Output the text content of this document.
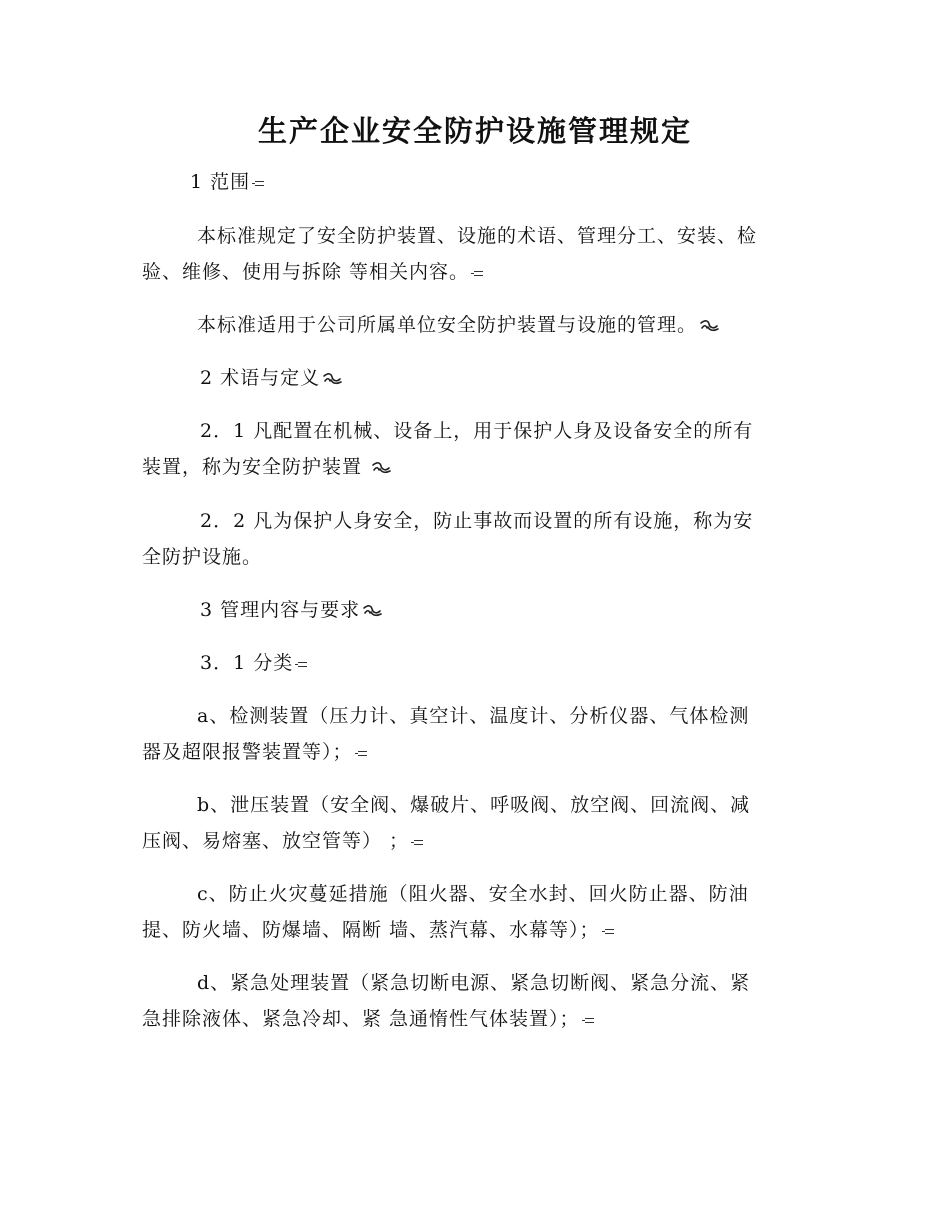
生产企业安全防护设施管理规定
1 范围
本标准规定了安全防护装置、设施的术语、管理分工、安装、检
验、维修、使用与拆除 等相关内容。
本标准适用于公司所属单位安全防护装置与设施的管理。
2 术语与定义
2．1 凡配置在机械、设备上，用于保护人身及设备安全的所有
装置，称为安全防护装置
2．2 凡为保护人身安全，防止事故而设置的所有设施，称为安
全防护设施。
3 管理内容与要求
3．1 分类
a、检测装置（压力计、真空计、温度计、分析仪器、气体检测
器及超限报警装置等）；
b、泄压装置（安全阀、爆破片、呼吸阀、放空阀、回流阀、减
压阀、易熔塞、放空管等） ；
c、防止火灾蔓延措施（阻火器、安全水封、回火防止器、防油
提、防火墙、防爆墙、隔断 墙、蒸汽幕、水幕等）；
d、紧急处理装置（紧急切断电源、紧急切断阀、紧急分流、紧
急排除液体、紧急冷却、紧 急通惰性气体装置）；
